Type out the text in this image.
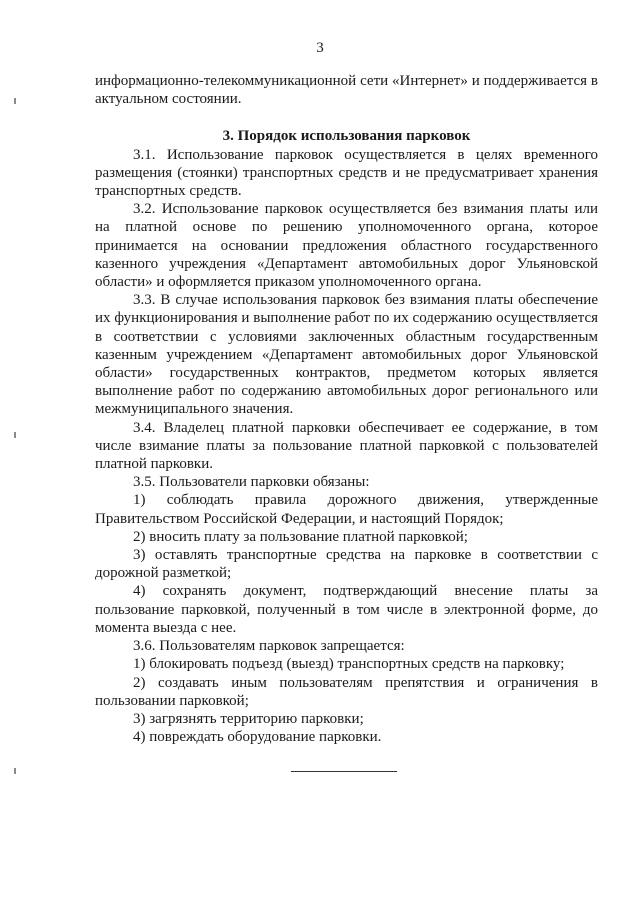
3

информационно-телекоммуникационной сети «Интернет» и поддерживается в актуальном состоянии.

3. Порядок использования парковок

3.1. Использование парковок осуществляется в целях временного размещения (стоянки) транспортных средств и не предусматривает хранения транспортных средств.

3.2. Использование парковок осуществляется без взимания платы или на платной основе по решению уполномоченного органа, которое принимается на основании предложения областного государственного казенного учреждения «Департамент автомобильных дорог Ульяновской области» и оформляется приказом уполномоченного органа.

3.3. В случае использования парковок без взимания платы обеспечение их функционирования и выполнение работ по их содержанию осуществляется в соответствии с условиями заключенных областным государственным казенным учреждением «Департамент автомобильных дорог Ульяновской области» государственных контрактов, предметом которых является выполнение работ по содержанию автомобильных дорог регионального или межмуниципального значения.

3.4. Владелец платной парковки обеспечивает ее содержание, в том числе взимание платы за пользование платной парковкой с пользователей платной парковки.

3.5. Пользователи парковки обязаны:

1) соблюдать правила дорожного движения, утвержденные Правительством Российской Федерации, и настоящий Порядок;

2) вносить плату за пользование платной парковкой;

3) оставлять транспортные средства на парковке в соответствии с дорожной разметкой;

4) сохранять документ, подтверждающий внесение платы за пользование парковкой, полученный в том числе в электронной форме, до момента выезда с нее.

3.6. Пользователям парковок запрещается:

1) блокировать подъезд (выезд) транспортных средств на парковку;

2) создавать иным пользователям препятствия и ограничения в пользовании парковкой;

3) загрязнять территорию парковки;

4) повреждать оборудование парковки.
